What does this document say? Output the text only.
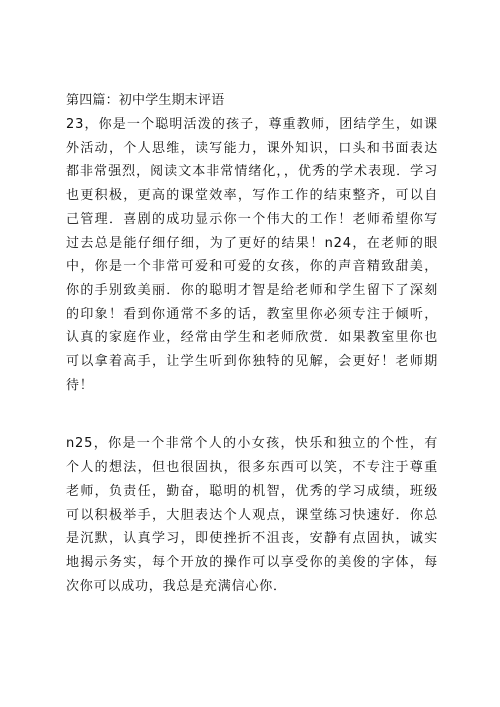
第四篇：初中学生期末评语

23，你是一个聪明活泼的孩子，尊重教师，团结学生，如课外活动，个人思维，读写能力，课外知识，口头和书面表达都非常强烈，阅读文本非常情绪化，，优秀的学术表现．学习也更积极，更高的课堂效率，写作工作的结束整齐，可以自己管理．喜剧的成功显示你一个伟大的工作！老师希望你写过去总是能仔细仔细，为了更好的结果！n24，在老师的眼中，你是一个非常可爱和可爱的女孩，你的声音精致甜美，你的手别致美丽．你的聪明才智是给老师和学生留下了深刻的印象！看到你通常不多的话，教室里你必须专注于倾听，认真的家庭作业，经常由学生和老师欣赏．如果教室里你也可以拿着高手，让学生听到你独特的见解，会更好！老师期待！

n25，你是一个非常个人的小女孩，快乐和独立的个性，有个人的想法，但也很固执，很多东西可以笑，不专注于尊重老师，负责任，勤奋，聪明的机智，优秀的学习成绩，班级可以积极举手，大胆表达个人观点，课堂练习快速好．你总是沉默，认真学习，即使挫折不沮丧，安静有点固执，诚实地揭示务实，每个开放的操作可以享受你的美俊的字体，每次你可以成功，我总是充满信心你．
